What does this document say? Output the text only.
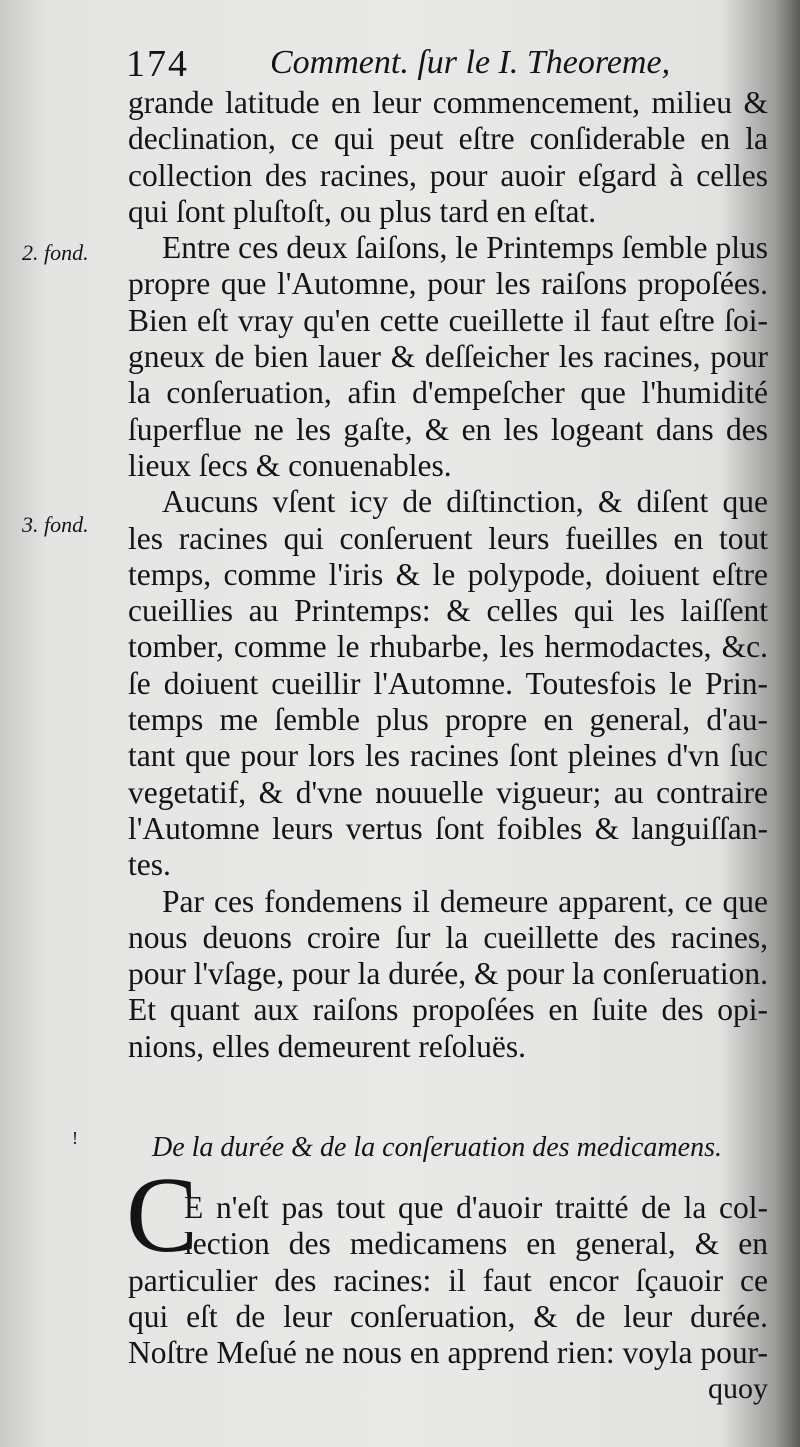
174 Comment. ſur le I. Theoreme,
2. fond.
3. fond.
grande latitude en leur commencement, milieu &
declination, ce qui peut eſtre conſiderable en la
collection des racines, pour auoir eſgard à celles
qui ſont pluſtoſt, ou plus tard en eſtat.
Entre ces deux ſaiſons, le Printemps ſemble plus
propre que l'Automne, pour les raiſons propoſées.
Bien eſt vray qu'en cette cueillette il faut eſtre ſoi-
gneux de bien lauer & deſſeicher les racines, pour
la conſeruation, afin d'empeſcher que l'humidité
ſuperflue ne les gaſte, & en les logeant dans des
lieux ſecs & conuenables.
Aucuns vſent icy de diſtinction, & diſent que
les racines qui conſeruent leurs fueilles en tout
temps, comme l'iris & le polypode, doiuent eſtre
cueillies au Printemps: & celles qui les laiſſent
tomber, comme le rhubarbe, les hermodactes, &c.
ſe doiuent cueillir l'Automne. Toutesfois le Prin-
temps me ſemble plus propre en general, d'au-
tant que pour lors les racines ſont pleines d'vn ſuc
vegetatif, & d'vne nouuelle vigueur; au contraire
l'Automne leurs vertus ſont foibles & languiſſan-
tes.
Par ces fondemens il demeure apparent, ce que
nous deuons croire ſur la cueillette des racines,
pour l'vſage, pour la durée, & pour la conſeruation.
Et quant aux raiſons propoſées en ſuite des opi-
nions, elles demeurent reſoluës.
!	De la durée & de la conſeruation des medicamens.
C
E n'eſt pas tout que d'auoir traitté de la col-
lection des medicamens en general, & en
particulier des racines: il faut encor ſçauoir ce
qui eſt de leur conſeruation, & de leur durée.
Noſtre Meſué ne nous en apprend rien: voyla pour-
quoy
